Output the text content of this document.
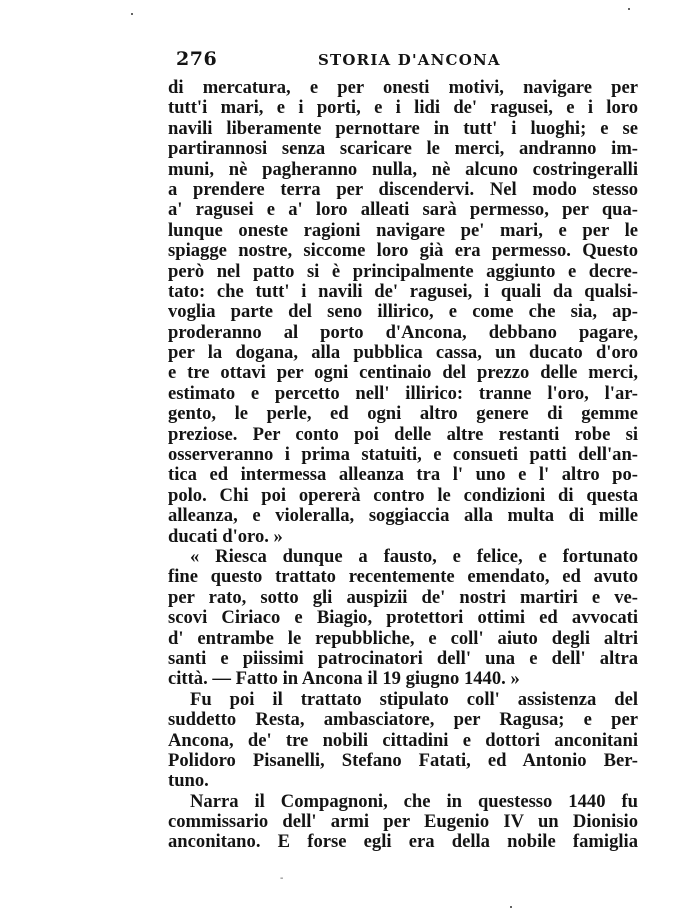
276	STORIA D'ANCONA
di mercatura, e per onesti motivi, navigare per
tutt'i mari, e i porti, e i lidi de' ragusei, e i loro
navili liberamente pernottare in tutt' i luoghi; e se
partirannosi senza scaricare le merci, andranno im-
muni, nè pagheranno nulla, nè alcuno costringeralli
a prendere terra per discendervi. Nel modo stesso
a' ragusei e a' loro alleati sarà permesso, per qua-
lunque oneste ragioni navigare pe' mari, e per le
spiagge nostre, siccome loro già era permesso. Questo
però nel patto si è principalmente aggiunto e decre-
tato: che tutt' i navili de' ragusei, i quali da qualsi-
voglia parte del seno illirico, e come che sia, ap-
proderanno al porto d'Ancona, debbano pagare,
per la dogana, alla pubblica cassa, un ducato d'oro
e tre ottavi per ogni centinaio del prezzo delle merci,
estimato e percetto nell' illirico: tranne l'oro, l'ar-
gento, le perle, ed ogni altro genere di gemme
preziose. Per conto poi delle altre restanti robe si
osserveranno i prima statuiti, e consueti patti dell'an-
tica ed intermessa alleanza tra l' uno e l' altro po-
polo. Chi poi opererà contro le condizioni di questa
alleanza, e violeralla, soggiaccia alla multa di mille
ducati d'oro. »
« Riesca dunque a fausto, e felice, e fortunato
fine questo trattato recentemente emendato, ed avuto
per rato, sotto gli auspizii de' nostri martiri e ve-
scovi Ciriaco e Biagio, protettori ottimi ed avvocati
d' entrambe le repubbliche, e coll' aiuto degli altri
santi e piissimi patrocinatori dell' una e dell' altra
città. — Fatto in Ancona il 19 giugno 1440. »
Fu poi il trattato stipulato coll' assistenza del
suddetto Resta, ambasciatore, per Ragusa; e per
Ancona, de' tre nobili cittadini e dottori anconitani
Polidoro Pisanelli, Stefano Fatati, ed Antonio Ber-
tuno.
Narra il Compagnoni, che in questesso 1440 fu
commissario dell' armi per Eugenio IV un Dionisio
anconitano. E forse egli era della nobile famiglia
-
